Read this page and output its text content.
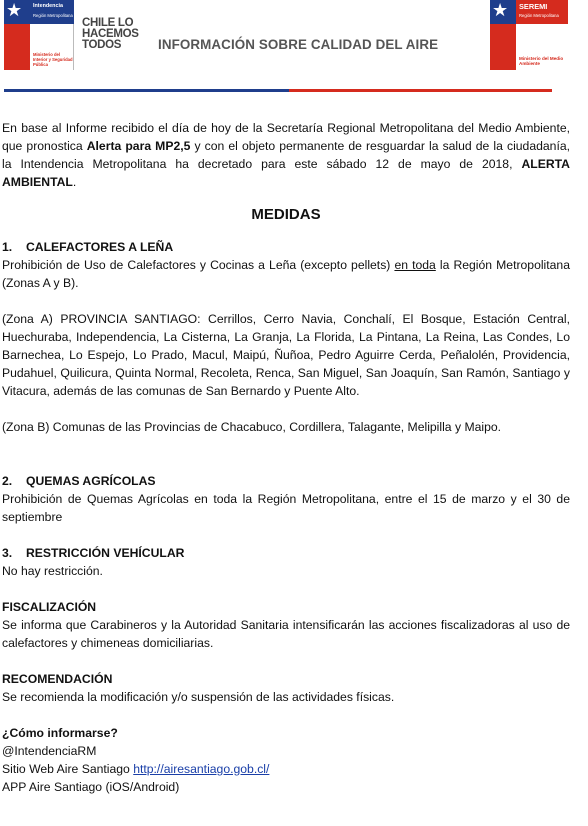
★ Intendencia
Región Metropolitana
Ministerio del Interior y Seguridad Pública
CHILE LO
HACEMOS
TODOS	INFORMACIÓN SOBRE CALIDAD DEL AIRE
★ SEREMI
Región Metropolitana
Ministerio del Medio Ambiente

En base al Informe recibido el día de hoy de la Secretaría Regional Metropolitana del Medio Ambiente, que pronostica Alerta para MP2,5 y con el objeto permanente de resguardar la salud de la ciudadanía, la Intendencia Metropolitana ha decretado para este sábado 12 de mayo de 2018, ALERTA AMBIENTAL.

MEDIDAS
1. CALEFACTORES A LEÑA

Prohibición de Uso de Calefactores y Cocinas a Leña (excepto pellets) en toda la Región Metropolitana (Zonas A y B).

(Zona A) PROVINCIA SANTIAGO: Cerrillos, Cerro Navia, Conchalí, El Bosque, Estación Central, Huechuraba, Independencia, La Cisterna, La Granja, La Florida, La Pintana, La Reina, Las Condes, Lo Barnechea, Lo Espejo, Lo Prado, Macul, Maipú, Ñuñoa, Pedro Aguirre Cerda, Peñalolén, Providencia, Pudahuel, Quilicura, Quinta Normal, Recoleta, Renca, San Miguel, San Joaquín, San Ramón, Santiago y Vitacura, además de las comunas de San Bernardo y Puente Alto.

(Zona B) Comunas de las Provincias de Chacabuco, Cordillera, Talagante, Melipilla y Maipo.

2. QUEMAS AGRÍCOLAS

Prohibición de Quemas Agrícolas en toda la Región Metropolitana, entre el 15 de marzo y el 30 de septiembre

3. RESTRICCIÓN VEHÍCULAR

No hay restricción.

FISCALIZACIÓN

Se informa que Carabineros y la Autoridad Sanitaria intensificarán las acciones fiscalizadoras al uso de calefactores y chimeneas domiciliarias.

RECOMENDACIÓN

Se recomienda la modificación y/o suspensión de las actividades físicas.

¿Cómo informarse?
@IntendenciaRM
Sitio Web Aire Santiago http://airesantiago.gob.cl/
APP Aire Santiago (iOS/Android)
